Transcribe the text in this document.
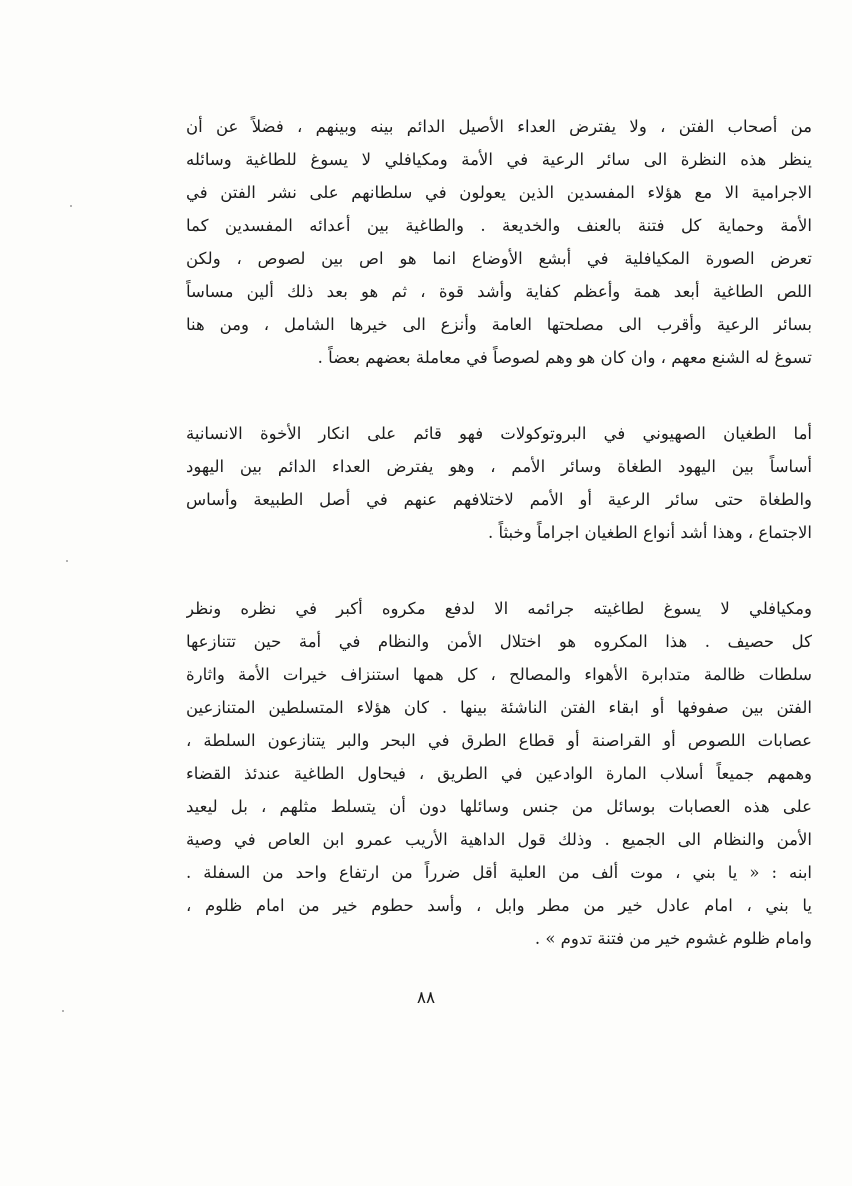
من أصحاب الفتن ، ولا يفترض العداء الأصيل الدائم بينه وبينهم ، فضلاً عن أن
ينظر هذه النظرة الى سائر الرعية في الأمة ومكيافلي لا يسوغ للطاغية وسائله
الاجرامية الا مع هؤلاء المفسدين الذين يعولون في سلطانهم على نشر الفتن في
الأمة وحماية كل فتنة بالعنف والخديعة . والطاغية بين أعدائه المفسدين كما
تعرض الصورة المكيافلية في أبشع الأوضاع انما هو اص بين لصوص ، ولكن
اللص الطاغية أبعد همة وأعظم كفاية وأشد قوة ، ثم هو بعد ذلك ألين مساساً
بسائر الرعية وأقرب الى مصلحتها العامة وأنزع الى خيرها الشامل ، ومن هنا
تسوغ له الشنع معهم ، وان كان هو وهم لصوصاً في معاملة بعضهم بعضاً .
أما الطغيان الصهيوني في البروتوكولات فهو قائم على انكار الأخوة الانسانية
أساساً بين اليهود الطغاة وسائر الأمم ، وهو يفترض العداء الدائم بين اليهود
والطغاة حتى سائر الرعية أو الأمم لاختلافهم عنهم في أصل الطبيعة وأساس
الاجتماع ، وهذا أشد أنواع الطغيان اجراماً وخبثاً .
ومكيافلي لا يسوغ لطاغيته جرائمه الا لدفع مكروه أكبر في نظره ونظر
كل حصيف . هذا المكروه هو اختلال الأمن والنظام في أمة حين تتنازعها
سلطات ظالمة متدابرة الأهواء والمصالح ، كل همها استنزاف خيرات الأمة واثارة
الفتن بين صفوفها أو ابقاء الفتن الناشئة بينها . كان هؤلاء المتسلطين المتنازعين
عصابات اللصوص أو القراصنة أو قطاع الطرق في البحر والبر يتنازعون السلطة ،
وهمهم جميعاً أسلاب المارة الوادعين في الطريق ، فيحاول الطاغية عندئذ القضاء
على هذه العصابات بوسائل من جنس وسائلها دون أن يتسلط مثلهم ، بل ليعيد
الأمن والنظام الى الجميع . وذلك قول الداهية الأريب عمرو ابن العاص في وصية
ابنه : « يا بني ، موت ألف من العلية أقل ضرراً من ارتفاع واحد من السفلة .
يا بني ، امام عادل خير من مطر وابل ، وأسد حطوم خير من امام ظلوم ،
وامام ظلوم غشوم خير من فتنة تدوم » .
٨٨
